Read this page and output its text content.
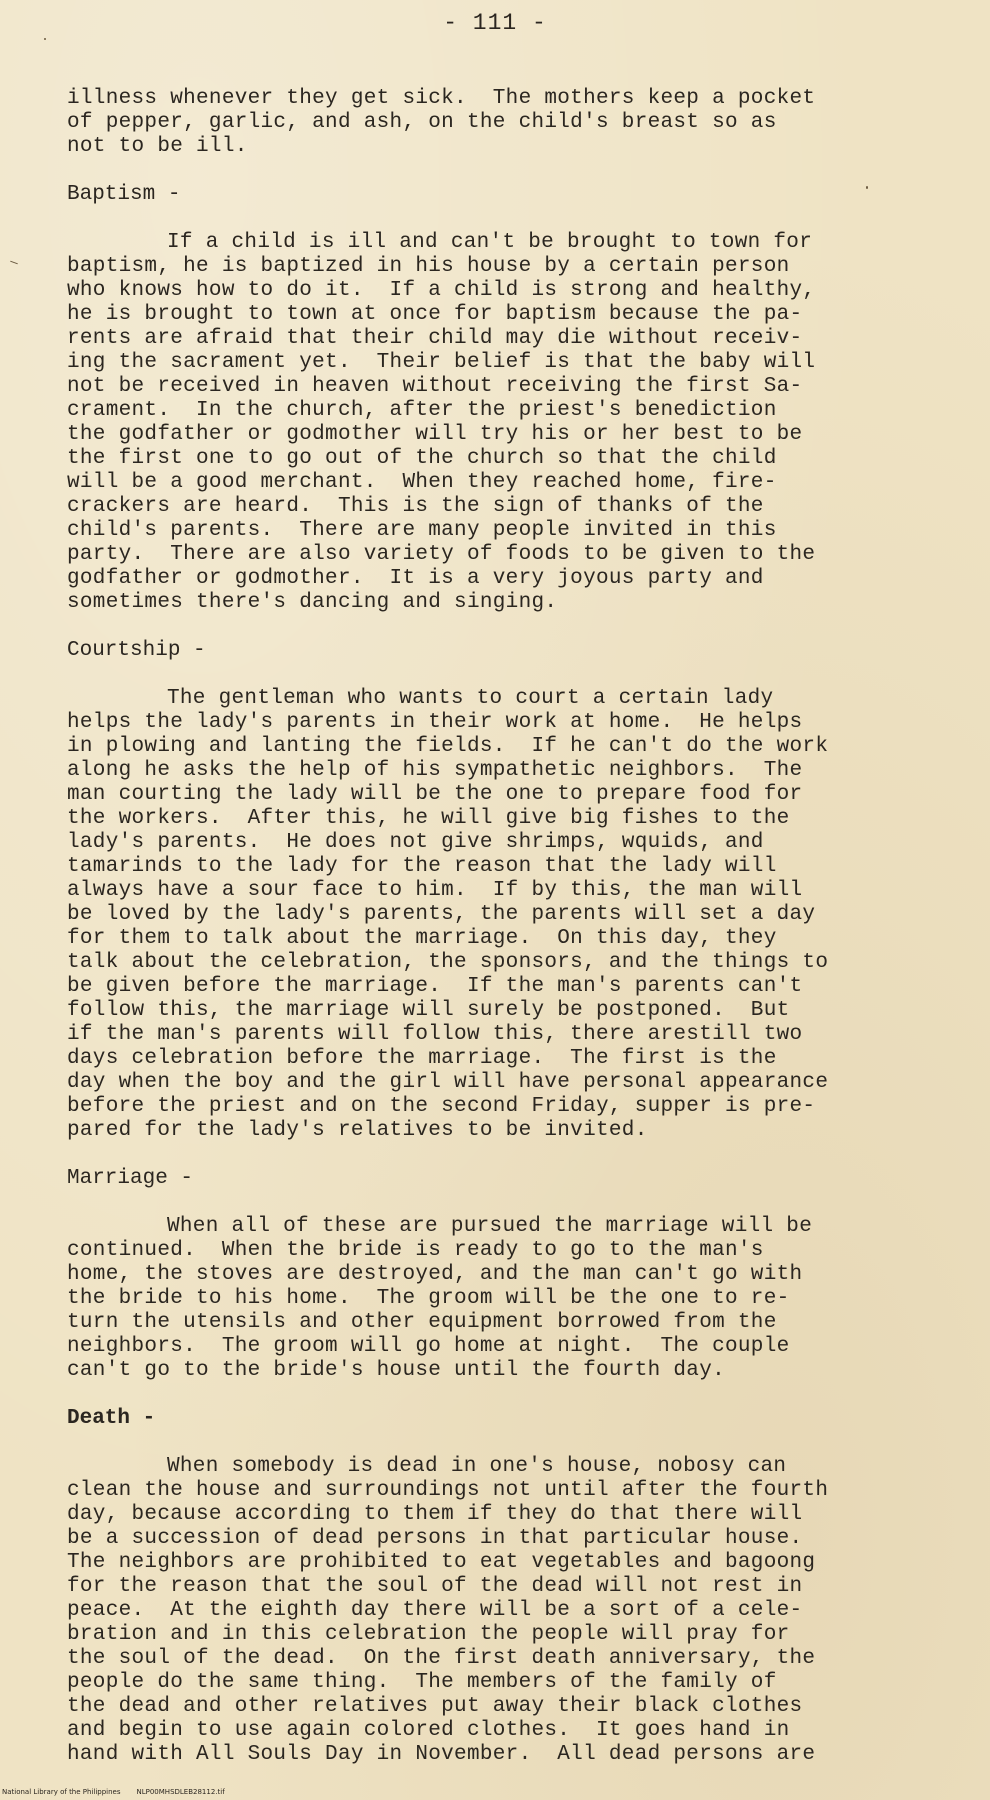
- 111 -
illness whenever they get sick.  The mothers keep a pocket
of pepper, garlic, and ash, on the child's breast so as
not to be ill.
Baptism -
If a child is ill and can't be brought to town for
baptism, he is baptized in his house by a certain person
who knows how to do it.  If a child is strong and healthy,
he is brought to town at once for baptism because the pa-
rents are afraid that their child may die without receiv-
ing the sacrament yet.  Their belief is that the baby will
not be received in heaven without receiving the first Sa-
crament.  In the church, after the priest's benediction
the godfather or godmother will try his or her best to be
the first one to go out of the church so that the child
will be a good merchant.  When they reached home, fire-
crackers are heard.  This is the sign of thanks of the
child's parents.  There are many people invited in this
party.  There are also variety of foods to be given to the
godfather or godmother.  It is a very joyous party and
sometimes there's dancing and singing.
Courtship -
The gentleman who wants to court a certain lady
helps the lady's parents in their work at home.  He helps
in plowing and lanting the fields.  If he can't do the work
along he asks the help of his sympathetic neighbors.  The
man courting the lady will be the one to prepare food for
the workers.  After this, he will give big fishes to the
lady's parents.  He does not give shrimps, wquids, and
tamarinds to the lady for the reason that the lady will
always have a sour face to him.  If by this, the man will
be loved by the lady's parents, the parents will set a day
for them to talk about the marriage.  On this day, they
talk about the celebration, the sponsors, and the things to
be given before the marriage.  If the man's parents can't
follow this, the marriage will surely be postponed.  But
if the man's parents will follow this, there arestill two
days celebration before the marriage.  The first is the
day when the boy and the girl will have personal appearance
before the priest and on the second Friday, supper is pre-
pared for the lady's relatives to be invited.
Marriage -
When all of these are pursued the marriage will be
continued.  When the bride is ready to go to the man's
home, the stoves are destroyed, and the man can't go with
the bride to his home.  The groom will be the one to re-
turn the utensils and other equipment borrowed from the
neighbors.  The groom will go home at night.  The couple
can't go to the bride's house until the fourth day.
Death -
When somebody is dead in one's house, nobosy can
clean the house and surroundings not until after the fourth
day, because according to them if they do that there will
be a succession of dead persons in that particular house.
The neighbors are prohibited to eat vegetables and bagoong
for the reason that the soul of the dead will not rest in
peace.  At the eighth day there will be a sort of a cele-
bration and in this celebration the people will pray for
the soul of the dead.  On the first death anniversary, the
people do the same thing.  The members of the family of
the dead and other relatives put away their black clothes
and begin to use again colored clothes.  It goes hand in
hand with All Souls Day in November.  All dead persons are
National Library of the Philippines NLP00MHSDLEB28112.tif
